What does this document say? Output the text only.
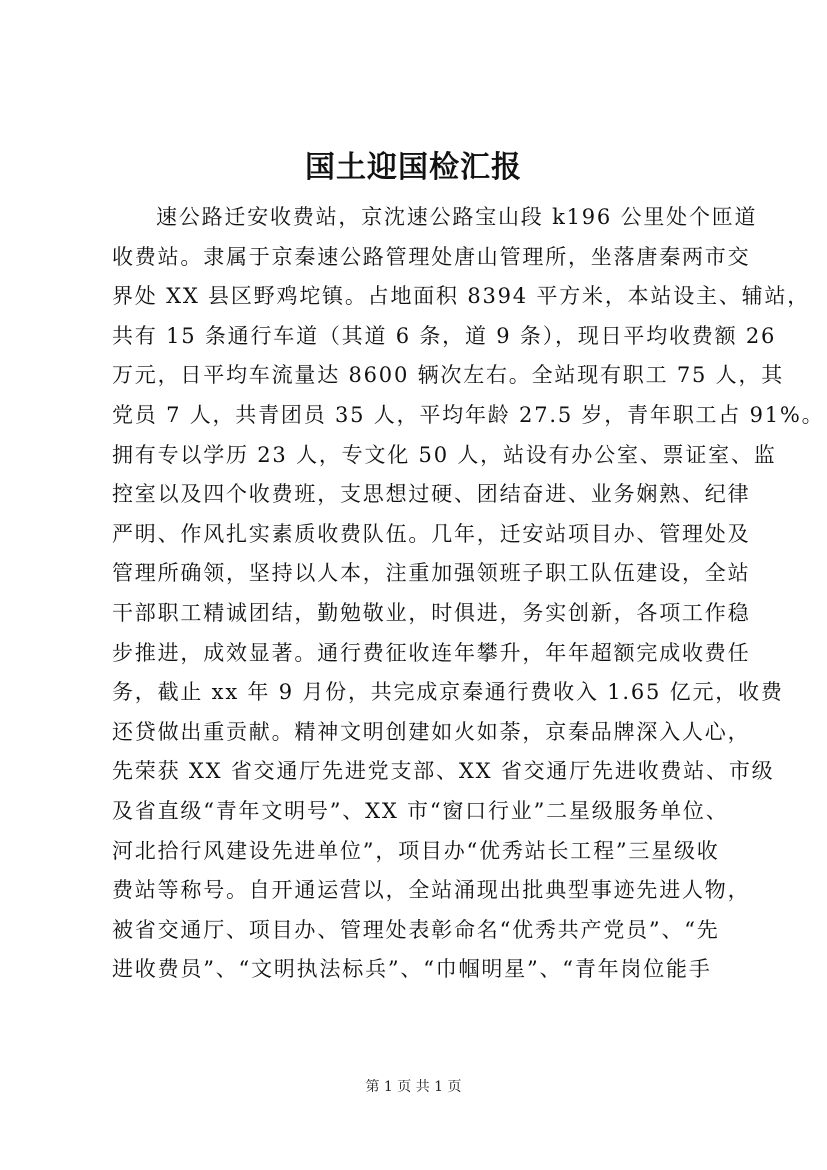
国土迎国检汇报
速公路迁安收费站，京沈速公路宝山段 k196 公里处个匝道
收费站。隶属于京秦速公路管理处唐山管理所，坐落唐秦两市交
界处 XX 县区野鸡坨镇。占地面积 8394 平方米，本站设主、辅站，
共有 15 条通行车道（其道 6 条，道 9 条），现日平均收费额 26
万元，日平均车流量达 8600 辆次左右。全站现有职工 75 人，其
党员 7 人，共青团员 35 人，平均年龄 27.5 岁，青年职工占 91%。
拥有专以学历 23 人，专文化 50 人，站设有办公室、票证室、监
控室以及四个收费班，支思想过硬、团结奋进、业务娴熟、纪律
严明、作风扎实素质收费队伍。几年，迁安站项目办、管理处及
管理所确领，坚持以人本，注重加强领班子职工队伍建设，全站
干部职工精诚团结，勤勉敬业，时俱进，务实创新，各项工作稳
步推进，成效显著。通行费征收连年攀升，年年超额完成收费任
务，截止 xx 年 9 月份，共完成京秦通行费收入 1.65 亿元，收费
还贷做出重贡献。精神文明创建如火如荼，京秦品牌深入人心，
先荣获 XX 省交通厅先进党支部、XX 省交通厅先进收费站、市级
及省直级“青年文明号”、XX 市“窗口行业”二星级服务单位、
河北拾行风建设先进单位”，项目办“优秀站长工程”三星级收
费站等称号。自开通运营以，全站涌现出批典型事迹先进人物，
被省交通厅、项目办、管理处表彰命名“优秀共产党员”、“先
进收费员”、“文明执法标兵”、“巾帼明星”、“青年岗位能手
第 1 页 共 1 页
